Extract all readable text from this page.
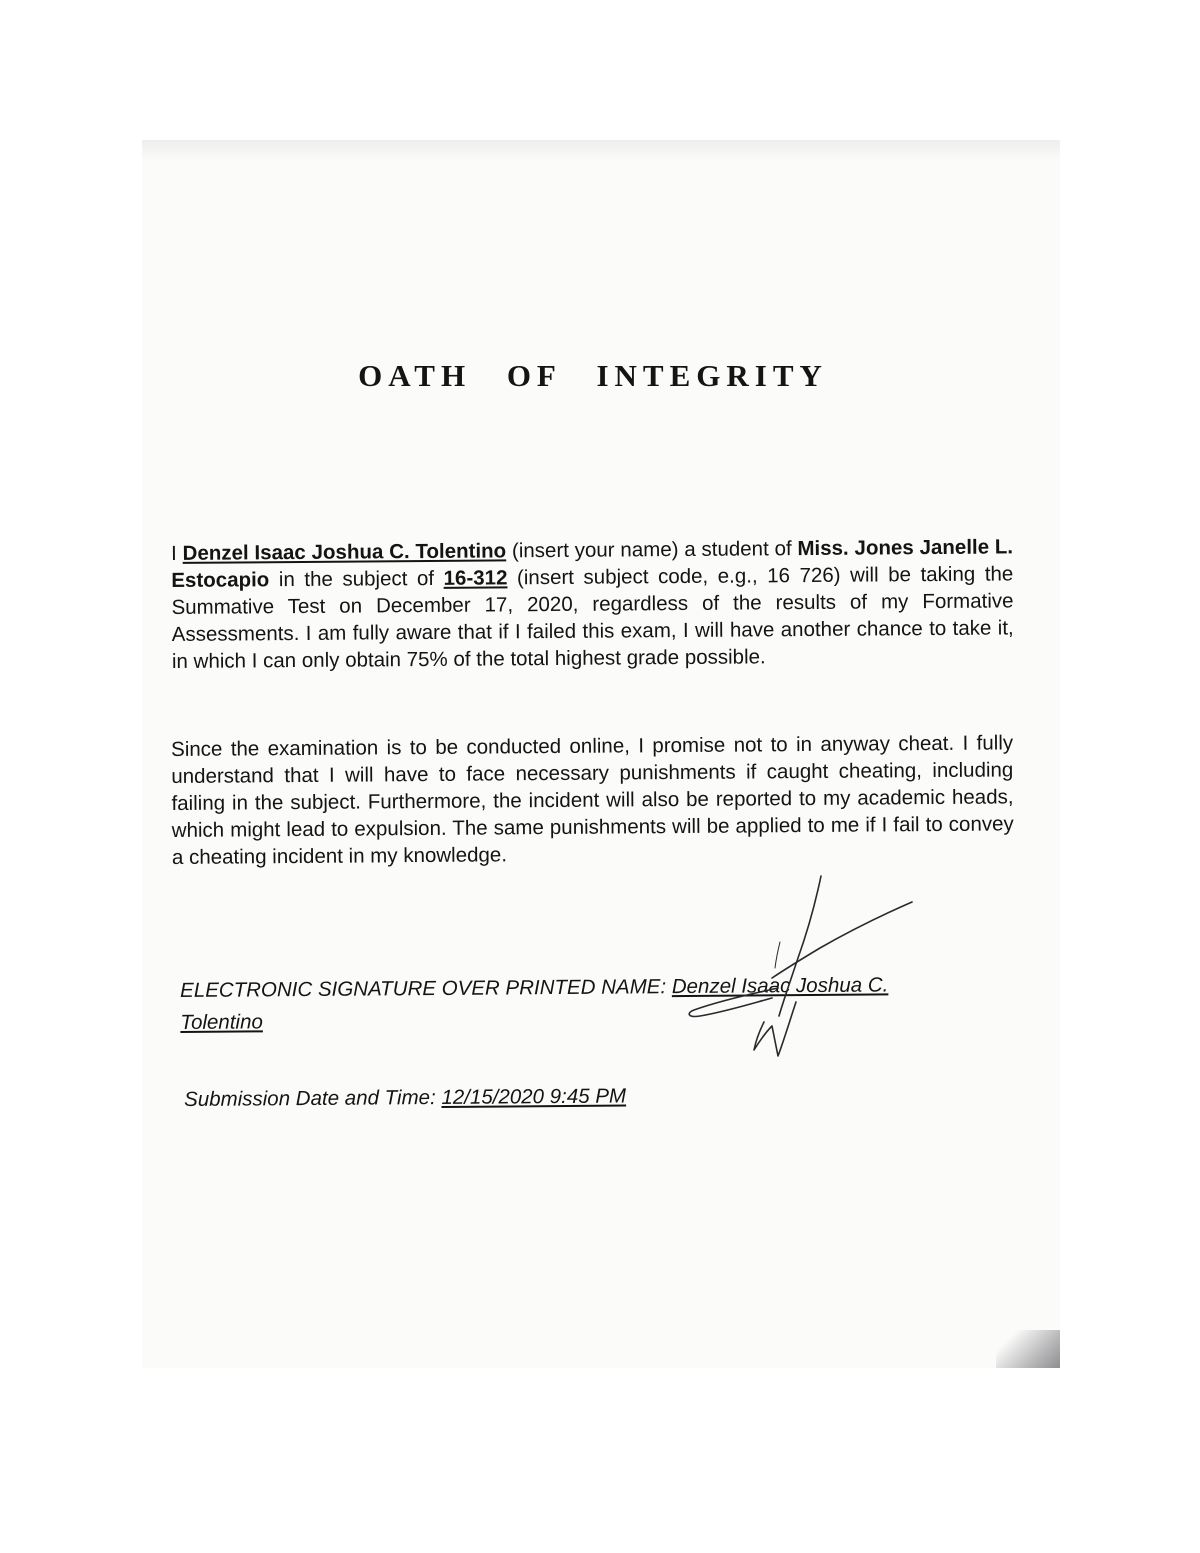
OATH OF INTEGRITY

I Denzel Isaac Joshua C. Tolentino (insert your name) a student of Miss. Jones Janelle L. Estocapio in the subject of 16-312 (insert subject code, e.g., 16 726) will be taking the Summative Test on December 17, 2020, regardless of the results of my Formative Assessments. I am fully aware that if I failed this exam, I will have another chance to take it, in which I can only obtain 75% of the total highest grade possible.

Since the examination is to be conducted online, I promise not to in anyway cheat. I fully understand that I will have to face necessary punishments if caught cheating, including failing in the subject. Furthermore, the incident will also be reported to my academic heads, which might lead to expulsion. The same punishments will be applied to me if I fail to convey a cheating incident in my knowledge.

ELECTRONIC SIGNATURE OVER PRINTED NAME: Denzel Isaac Joshua C. Tolentino

Submission Date and Time: 12/15/2020 9:45 PM
